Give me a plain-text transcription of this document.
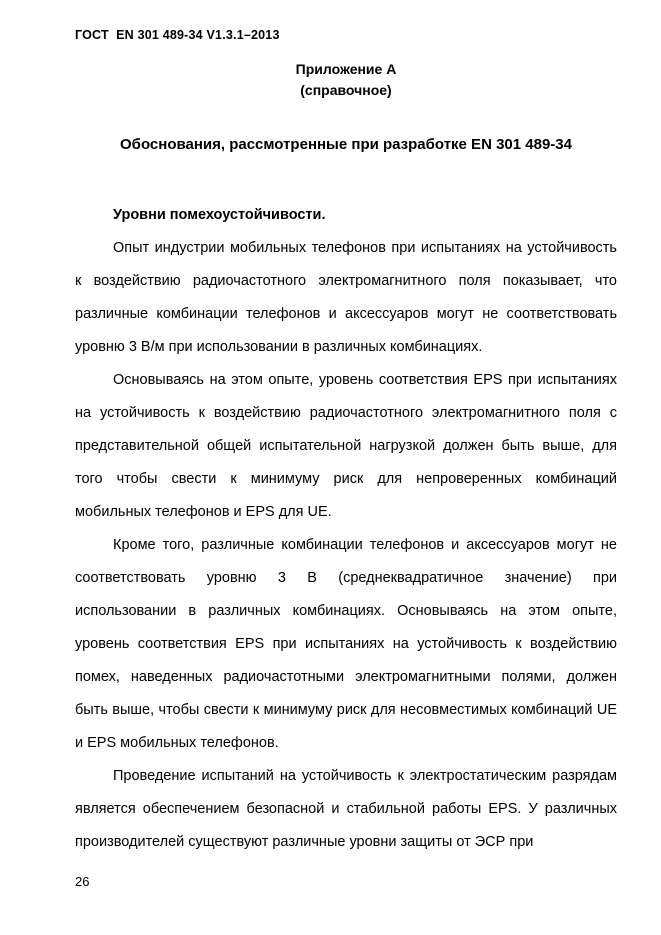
ГОСТ  EN 301 489-34 V1.3.1–2013
Приложение А
(справочное)
Обоснования, рассмотренные при разработке EN 301 489-34

Уровни помехоустойчивости.

Опыт индустрии мобильных телефонов при испытаниях на устойчивость к воздействию радиочастотного электромагнитного поля показывает, что различные комбинации телефонов и аксессуаров могут не соответствовать уровню 3 В/м при использовании в различных комбинациях.

Основываясь на этом опыте, уровень соответствия EPS при испытаниях на устойчивость к воздействию радиочастотного электромагнитного поля с представительной общей испытательной нагрузкой должен быть выше, для того чтобы свести к минимуму риск для непроверенных комбинаций мобильных телефонов и EPS для UE.

Кроме того, различные комбинации телефонов и аксессуаров могут не соответствовать уровню 3 В (среднеквадратичное значение) при использовании в различных комбинациях. Основываясь на этом опыте, уровень соответствия EPS при испытаниях на устойчивость к воздействию помех, наведенных радиочастотными электромагнитными полями, должен быть выше, чтобы свести к минимуму риск для несовместимых комбинаций UE и EPS мобильных телефонов.

Проведение испытаний на устойчивость к электростатическим разрядам является обеспечением безопасной и стабильной работы EPS. У различных производителей существуют различные уровни защиты от ЭСР при

26
